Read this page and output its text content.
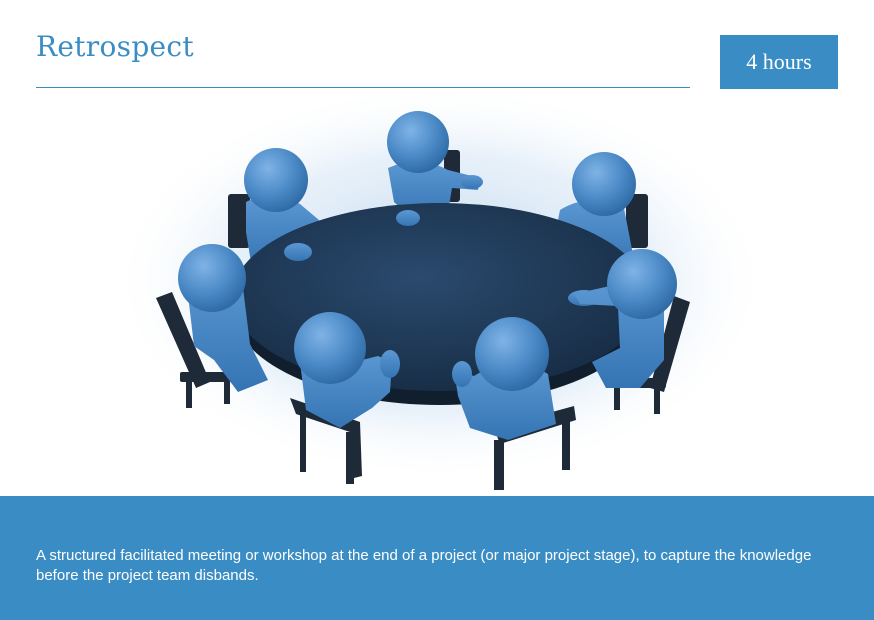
Retrospect	4 hours

A structured facilitated meeting or workshop at the end of a project (or major project stage), to capture the knowledge before the project team disbands.
